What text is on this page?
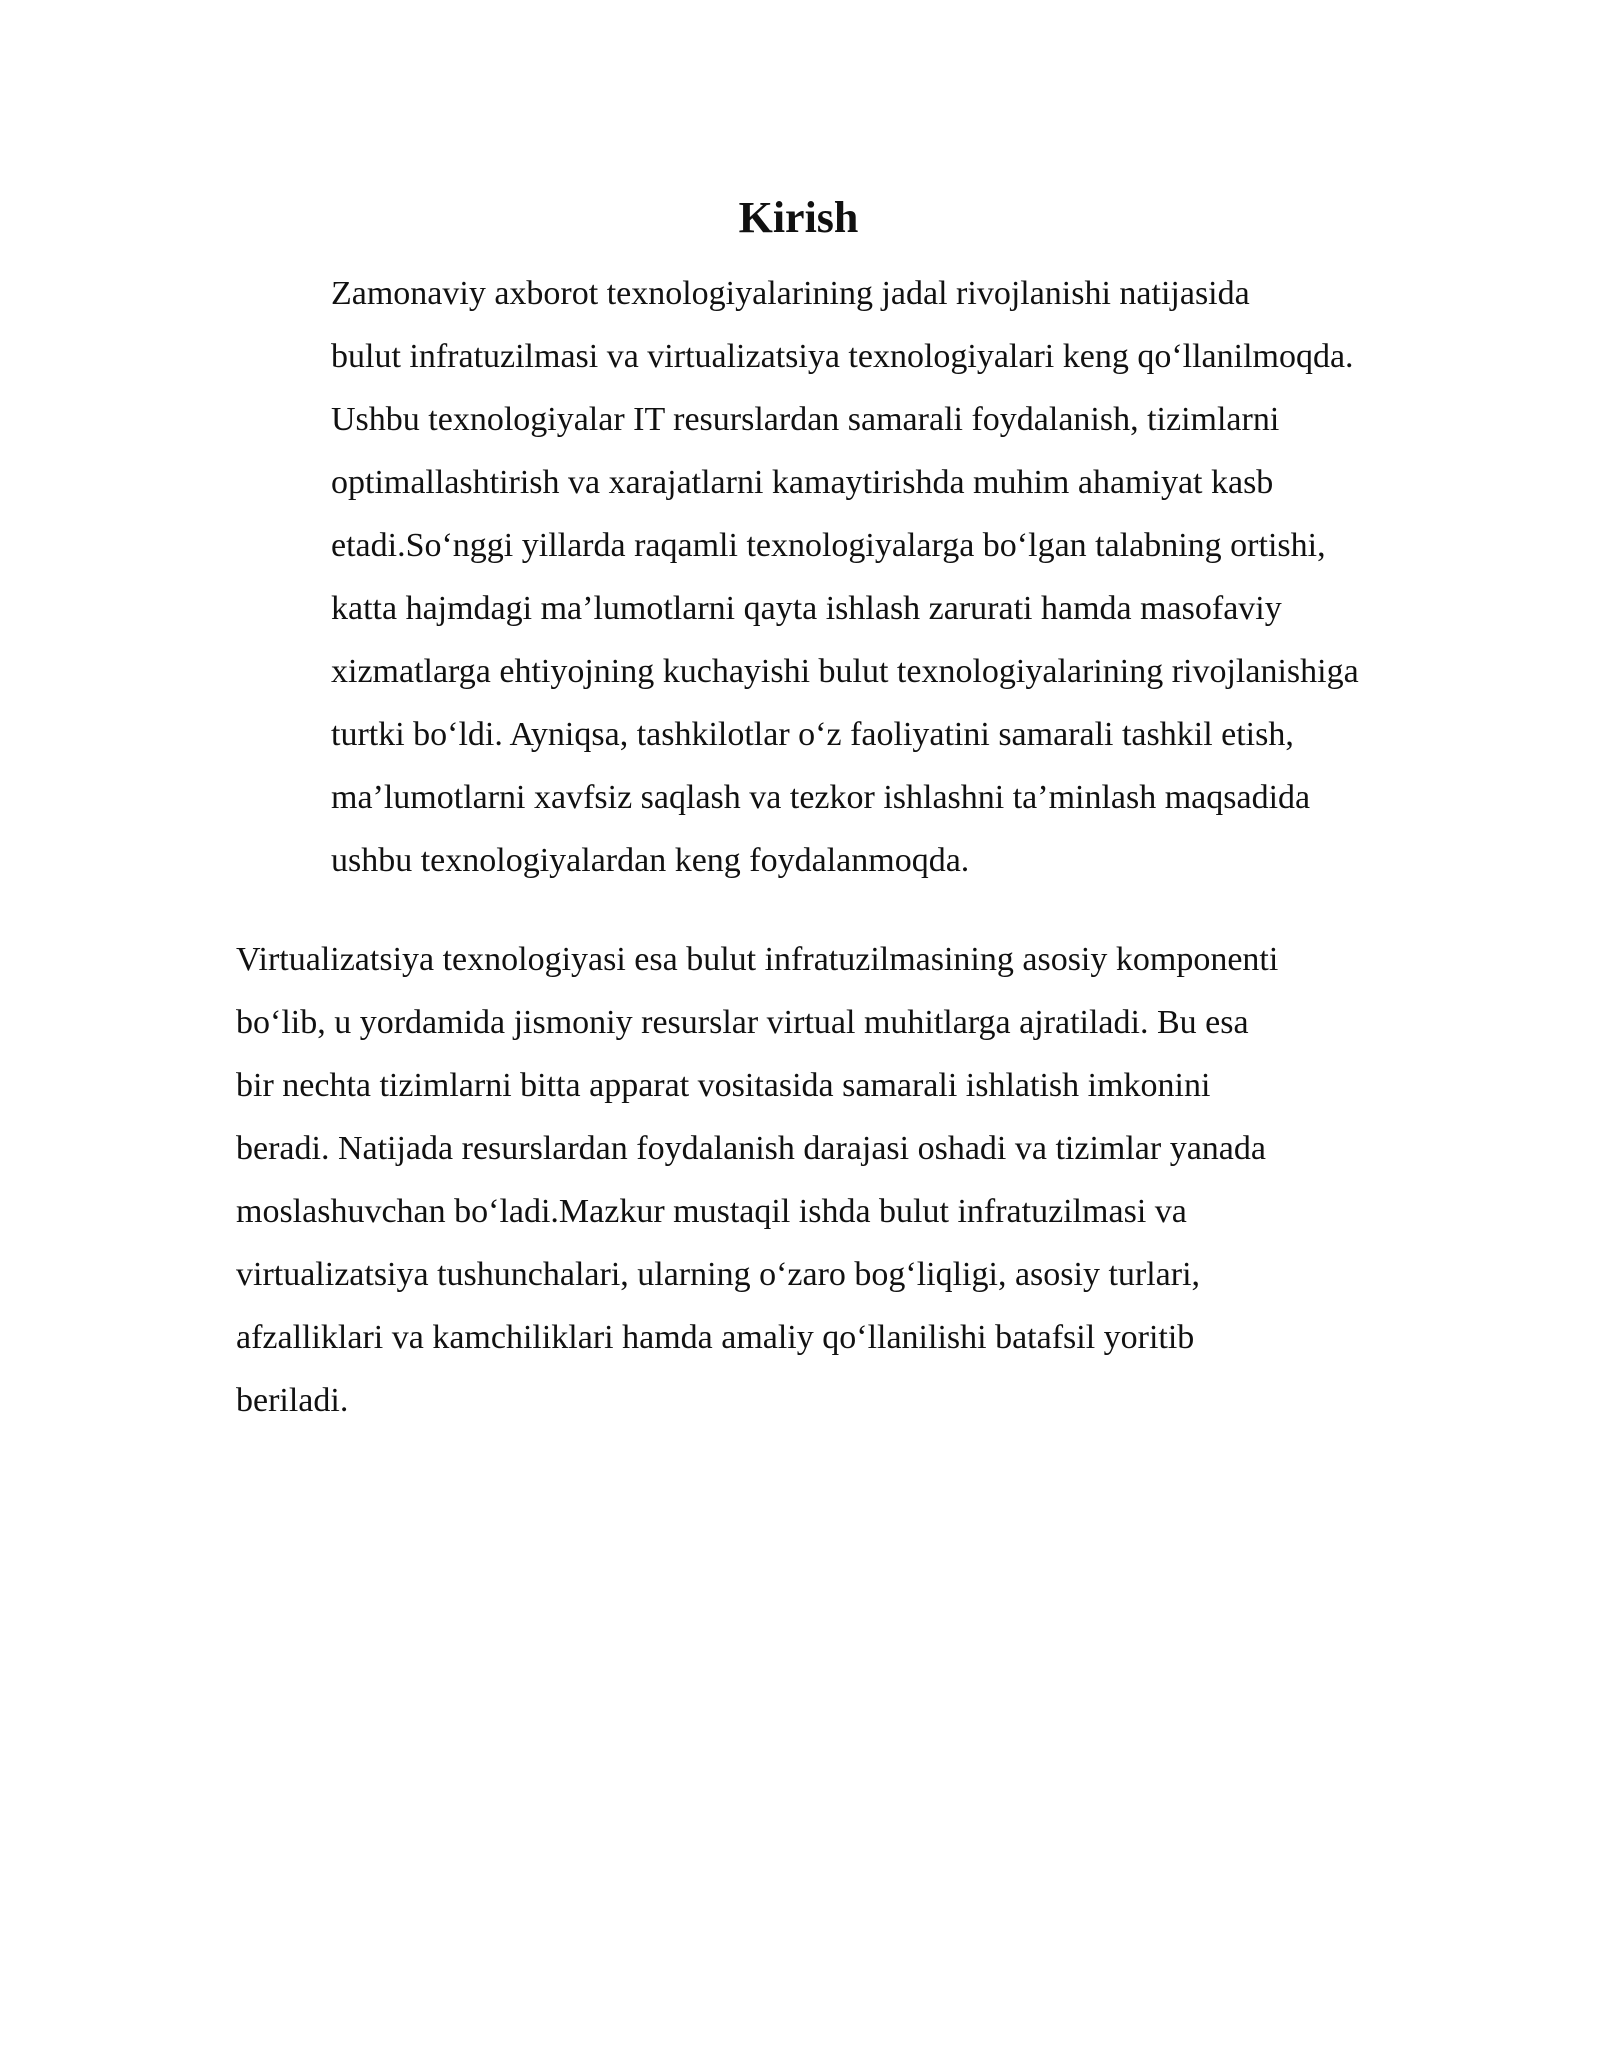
Kirish

Zamonaviy axborot texnologiyalarining jadal rivojlanishi natijasida
bulut infratuzilmasi va virtualizatsiya texnologiyalari keng qo‘llanilmoqda.
Ushbu texnologiyalar IT resurslardan samarali foydalanish, tizimlarni
optimallashtirish va xarajatlarni kamaytirishda muhim ahamiyat kasb
etadi.So‘nggi yillarda raqamli texnologiyalarga bo‘lgan talabning ortishi,
katta hajmdagi ma’lumotlarni qayta ishlash zarurati hamda masofaviy
xizmatlarga ehtiyojning kuchayishi bulut texnologiyalarining rivojlanishiga
turtki bo‘ldi. Ayniqsa, tashkilotlar o‘z faoliyatini samarali tashkil etish,
ma’lumotlarni xavfsiz saqlash va tezkor ishlashni ta’minlash maqsadida
ushbu texnologiyalardan keng foydalanmoqda.

Virtualizatsiya texnologiyasi esa bulut infratuzilmasining asosiy komponenti
bo‘lib, u yordamida jismoniy resurslar virtual muhitlarga ajratiladi. Bu esa
bir nechta tizimlarni bitta apparat vositasida samarali ishlatish imkonini
beradi. Natijada resurslardan foydalanish darajasi oshadi va tizimlar yanada
moslashuvchan bo‘ladi.Mazkur mustaqil ishda bulut infratuzilmasi va
virtualizatsiya tushunchalari, ularning o‘zaro bog‘liqligi, asosiy turlari,
afzalliklari va kamchiliklari hamda amaliy qo‘llanilishi batafsil yoritib
beriladi.
